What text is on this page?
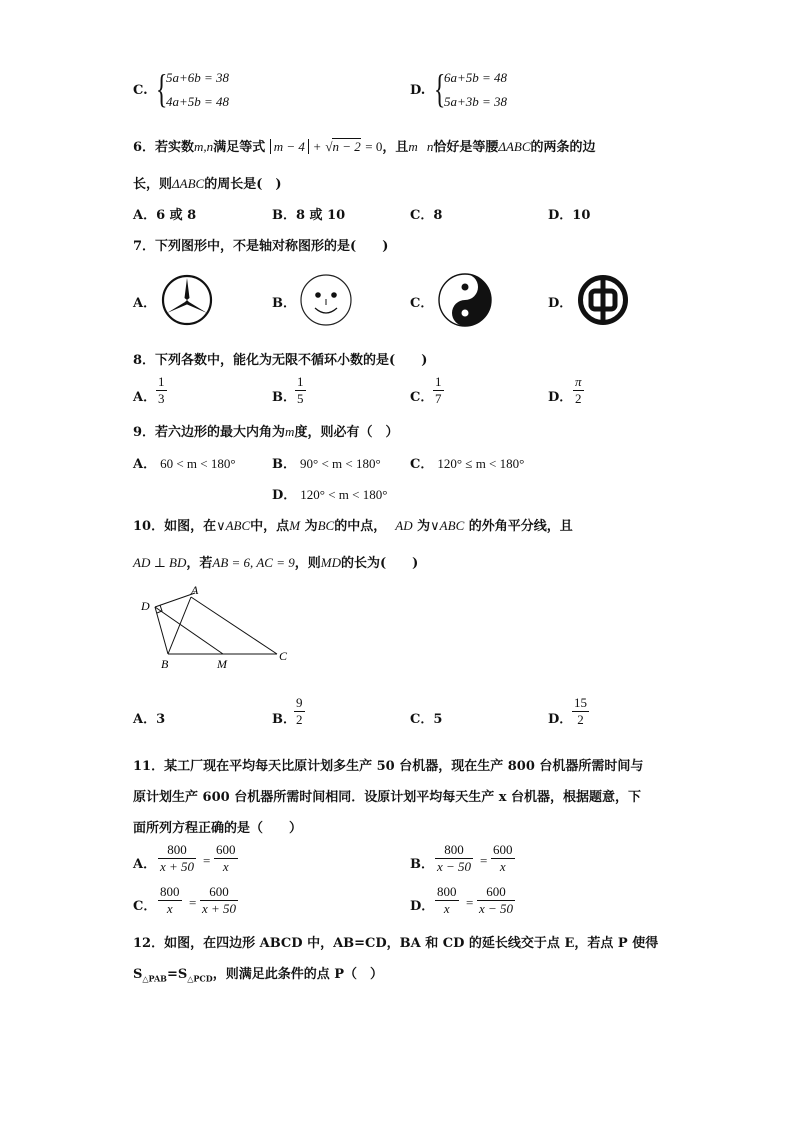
C. {
5a+6b = 38
4a+5b = 48
D. {
6a+5b = 48
5a+3b = 38
6．若实数m,n满足等式 m − 4 + √n − 2 = 0，且m n恰好是等腰ΔABC的两条的边
长，则ΔABC的周长是(　)
A．6 或 8	B．8 或 10	C．8	D．10
7．下列图形中，不是轴对称图形的是(　　)
A．	B．	C．	D．
8．下列各数中，能化为无限不循环小数的是(　　)
A． $\frac{1}{3}$	B． $\frac{1}{5}$	C． $\frac{1}{7}$	D． $\frac{\pi}{2}$
9．若六边形的最大内角为m度，则必有（　）
A． 60 < m < 180°	B． 90° < m < 180° C． 120° ≤ m < 180°
D． 120° < m < 180°
10．如图，在∨ABC中，点M 为BC的中点， AD 为∨ABC 的外角平分线，且
AD ⊥ BD，若AB = 6, AC = 9，则MD的长为(　　)
A
D
B	M
C
A．3	B．
$\frac{9}{2}$	C．5	D． $\frac{15}{2}$
11．某工厂现在平均每天比原计划多生产 50 台机器，现在生产 800 台机器所需时间与
原计划生产 600 台机器所需时间相同．设原计划平均每天生产 x 台机器，根据题意，下
面所列方程正确的是（　　）
A． $\frac{800}{x + 50} = \frac{600}{x}$	B． $\frac{800}{x - 50} = \frac{600}{x}$
C． $\frac{800}{x} = \frac{600}{x + 50}$	D． $\frac{800}{x} = \frac{600}{x - 50}$
12．如图，在四边形 ABCD 中，AB=CD，BA 和 CD 的延长线交于点 E，若点 P 使得
$S_{\triangle PAB}=S_{\triangle PCD}$，则满足此条件的点 P（　）
